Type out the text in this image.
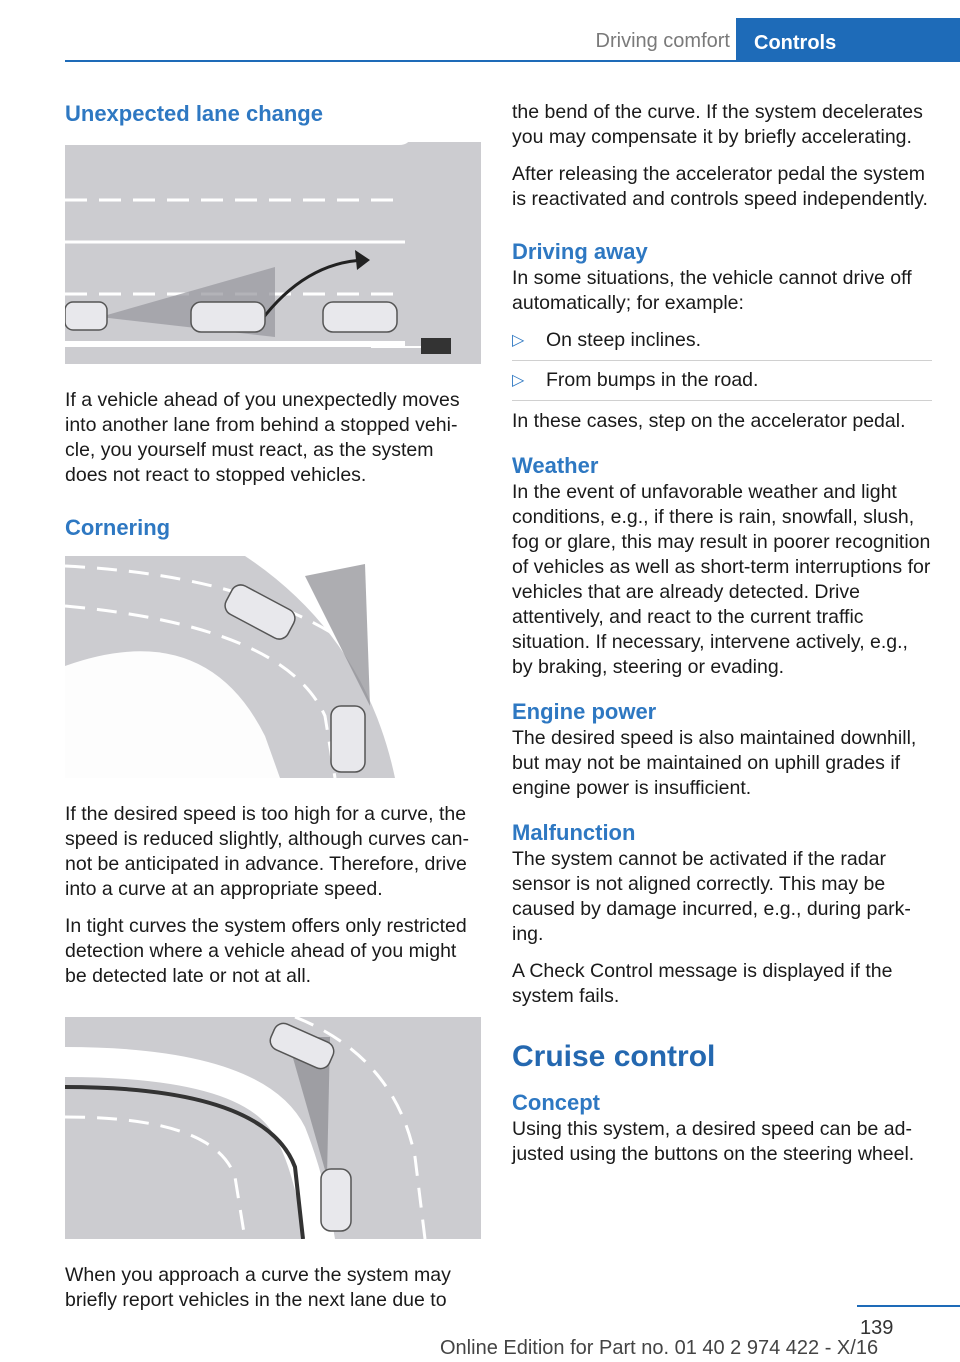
Driving comfort	Controls
Unexpected lane change

If a vehicle ahead of you unexpectedly moves into another lane from behind a stopped vehicle, you yourself must react, as the system does not react to stopped vehicles.

Cornering

If the desired speed is too high for a curve, the speed is reduced slightly, although curves cannot be anticipated in advance. Therefore, drive into a curve at an appropriate speed.

In tight curves the system offers only restricted detection where a vehicle ahead of you might be detected late or not at all.

When you approach a curve the system may briefly report vehicles in the next lane due to

the bend of the curve. If the system decelerates you may compensate it by briefly accelerating.

After releasing the accelerator pedal the system is reactivated and controls speed independently.

Driving away

In some situations, the vehicle cannot drive off automatically; for example:

▷ On steep inclines.
▷ From bumps in the road.

In these cases, step on the accelerator pedal.

Weather

In the event of unfavorable weather and light conditions, e.g., if there is rain, snowfall, slush, fog or glare, this may result in poorer recognition of vehicles as well as short-term interruptions for vehicles that are already detected. Drive attentively, and react to the current traffic situation. If necessary, intervene actively, e.g., by braking, steering or evading.

Engine power

The desired speed is also maintained downhill, but may not be maintained on uphill grades if engine power is insufficient.

Malfunction

The system cannot be activated if the radar sensor is not aligned correctly. This may be caused by damage incurred, e.g., during parking.

A Check Control message is displayed if the system fails.

Cruise control
Concept

Using this system, a desired speed can be adjusted using the buttons on the steering wheel.

139
Online Edition for Part no. 01 40 2 974 422 - X/16
